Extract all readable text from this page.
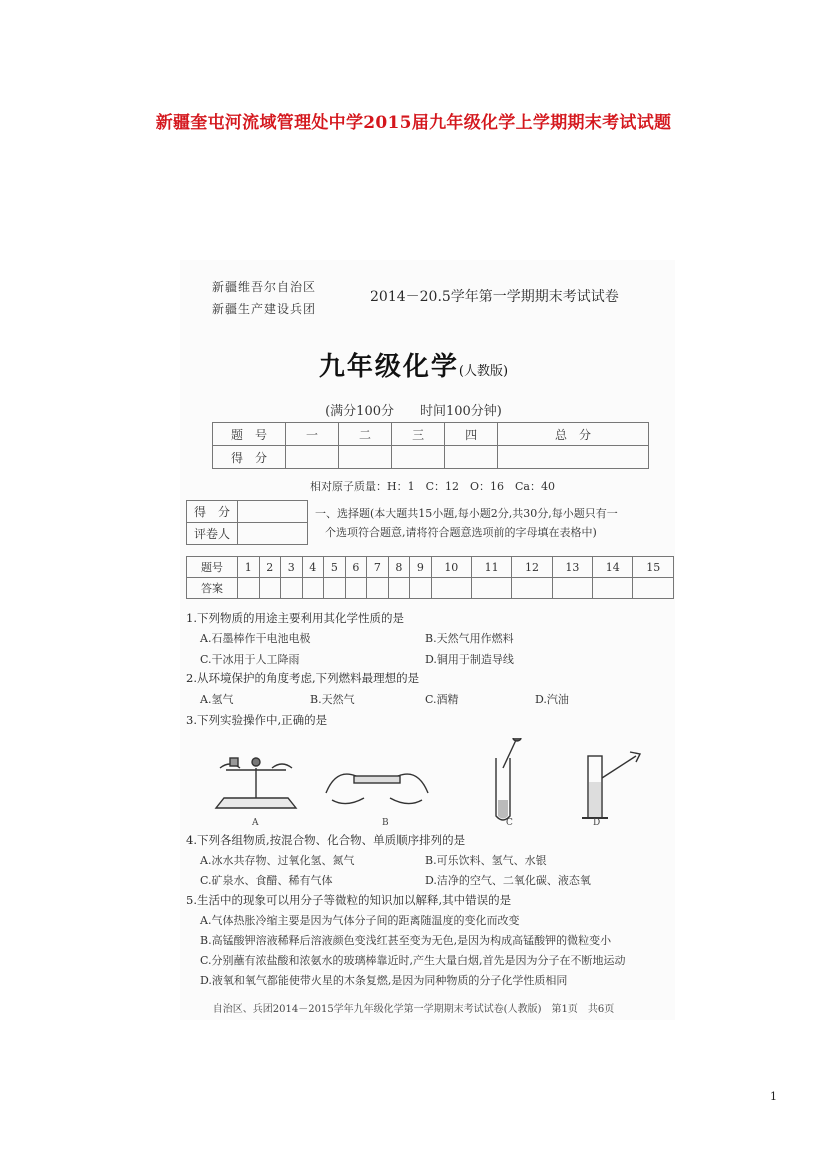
新疆奎屯河流域管理处中学2015届九年级化学上学期期末考试试题
新疆维吾尔自治区
新疆生产建设兵团
2014－20.5学年第一学期期末考试试卷
九年级化学(人教版)
(满分100分　　时间100分钟)
题　号	一	二	三	四	总　分
得　分					
相对原子质量：H：1　C：12　O：16　Ca：40
得　分	
评卷人	
一、选择题(本大题共15小题,每小题2分,共30分,每小题只有一
个选项符合题意,请将符合题意选项前的字母填在表格中)
题号	1	2	3	4	5	6	7	8	9	10	11	12	13	14	15
答案															
1.下列物质的用途主要利用其化学性质的是
A.石墨棒作干电池电极	B.天然气用作燃料
C.干冰用于人工降雨	D.铜用于制造导线
2.从环境保护的角度考虑,下列燃料最理想的是
A.氢气	B.天然气	C.酒精	D.汽油
3.下列实验操作中,正确的是
A	B	C	D
4.下列各组物质,按混合物、化合物、单质顺序排列的是
A.冰水共存物、过氧化氢、氮气	B.可乐饮料、氢气、水银
C.矿泉水、食醋、稀有气体	D.洁净的空气、二氧化碳、液态氧
5.生活中的现象可以用分子等微粒的知识加以解释,其中错误的是
A.气体热胀冷缩主要是因为气体分子间的距离随温度的变化而改变
B.高锰酸钾溶液稀释后溶液颜色变浅红甚至变为无色,是因为构成高锰酸钾的微粒变小
C.分别蘸有浓盐酸和浓氨水的玻璃棒靠近时,产生大量白烟,首先是因为分子在不断地运动
D.液氧和氧气都能使带火星的木条复燃,是因为同种物质的分子化学性质相同
自治区、兵团2014－2015学年九年级化学第一学期期末考试试卷(人教版)　第1页　共6页
1
